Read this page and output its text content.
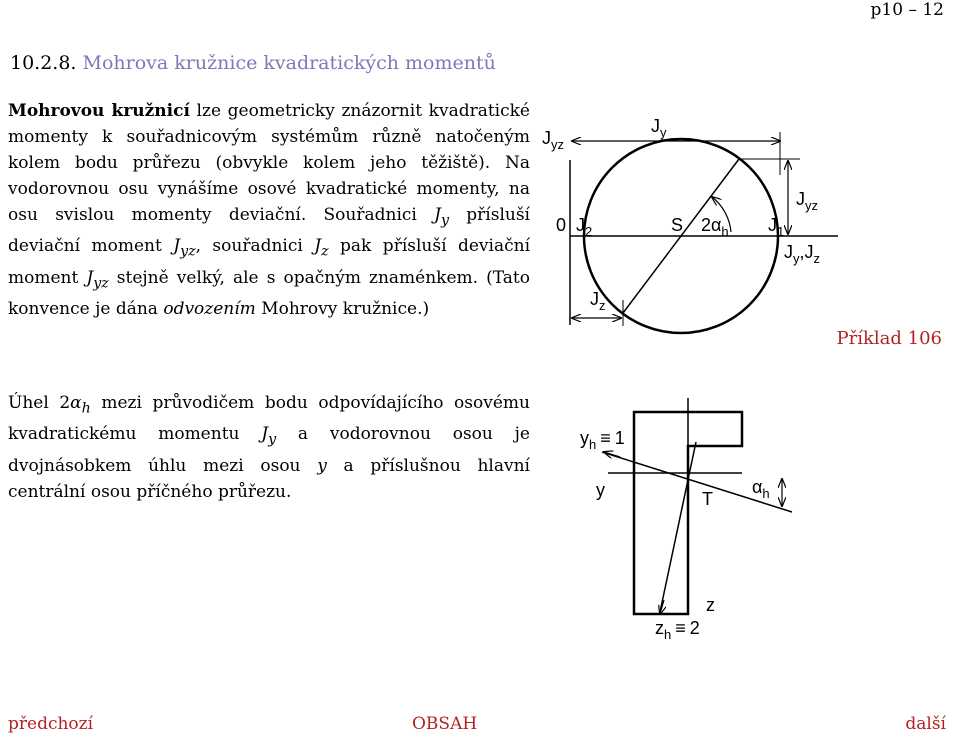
p10 – 12
10.2.8. Mohrova kružnice kvadratických momentů
Mohrovou kružnicí lze geometricky znázornit kvadratické momenty k souřadnicovým systémům různě natočeným kolem bodu průřezu (obvykle kolem jeho těžiště). Na vodorovnou osu vynášíme osové kvadratické momenty, na osu svislou momenty deviační. Souřadnici $J_y$ přísluší deviační moment $J_{yz}$, souřadnici $J_z$ pak přísluší deviační moment $J_{yz}$ stejně velký, ale s opačným znaménkem. (Tato konvence je dána odvozením Mohrovy kružnice.)
Úhel $2\alpha_h$ mezi průvodičem bodu odpovídajícího osovému kvadratickému momentu $J_y$ a vodorovnou osou je dvojnásobkem úhlu mezi osou y a příslušnou hlavní centrální osou příčného průřezu.
$J_{yz}$
$J_y$
0 $J_2$	S $2\alpha_h$ $J_1$
$J_{yz}$
$J_y,J_z$
$J_z$
$y_h \equiv 1$
y	T
$\alpha_h$
z
$z_h \equiv 2$
Příklad 106
předchozí	OBSAH	další
